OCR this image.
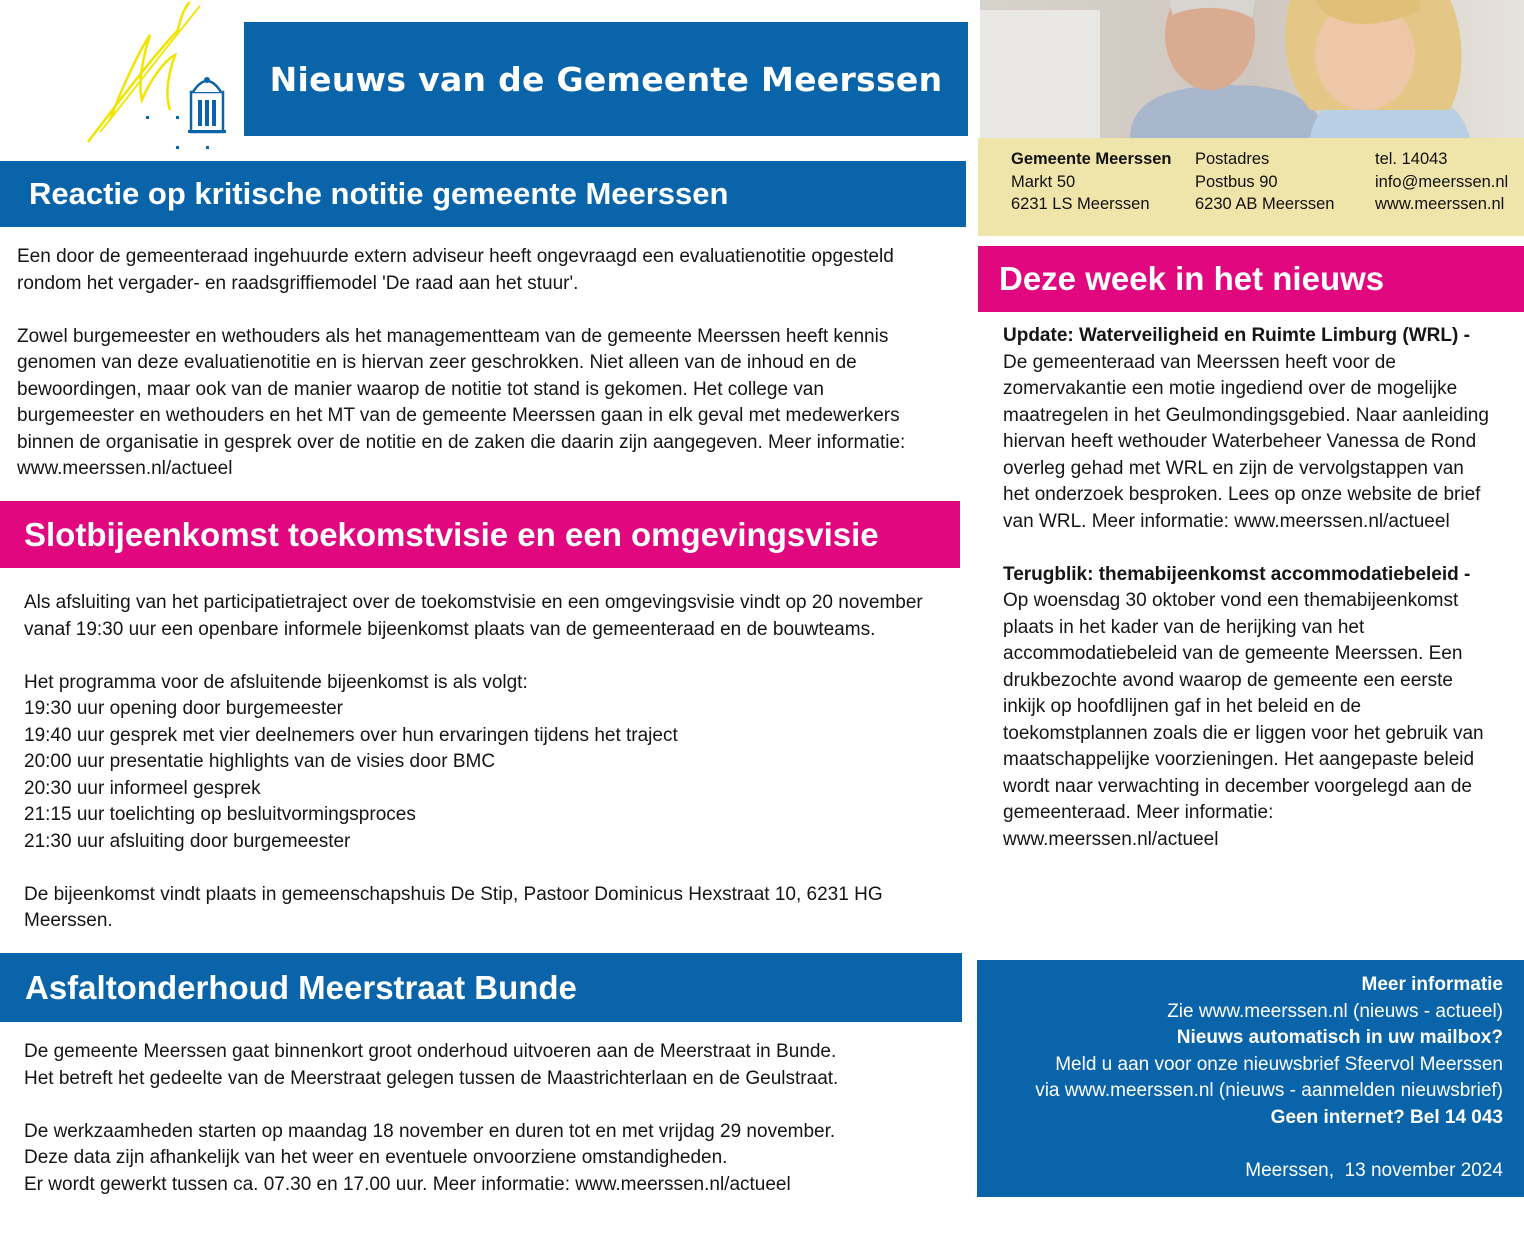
Nieuws van de Gemeente Meerssen
Gemeente Meerssen
Markt 50
6231 LS Meerssen
Postadres
Postbus 90
6230 AB Meerssen
tel. 14043
info@meerssen.nl
www.meerssen.nl
Reactie op kritische notitie gemeente Meerssen

Een door de gemeenteraad ingehuurde extern adviseur heeft ongevraagd een evaluatienotitie opgesteld

rondom het vergader- en raadsgriffiemodel 'De raad aan het stuur'.

Zowel burgemeester en wethouders als het managementteam van de gemeente Meerssen heeft kennis

genomen van deze evaluatienotitie en is hiervan zeer geschrokken. Niet alleen van de inhoud en de

bewoordingen, maar ook van de manier waarop de notitie tot stand is gekomen. Het college van

burgemeester en wethouders en het MT van de gemeente Meerssen gaan in elk geval met medewerkers

binnen de organisatie in gesprek over de notitie en de zaken die daarin zijn aangegeven. Meer informatie:

www.meerssen.nl/actueel

Slotbijeenkomst toekomstvisie en een omgevingsvisie

Als afsluiting van het participatietraject over de toekomstvisie en een omgevingsvisie vindt op 20 november

vanaf 19:30 uur een openbare informele bijeenkomst plaats van de gemeenteraad en de bouwteams.

Het programma voor de afsluitende bijeenkomst is als volgt:

19:30 uur opening door burgemeester

19:40 uur gesprek met vier deelnemers over hun ervaringen tijdens het traject

20:00 uur presentatie highlights van de visies door BMC

20:30 uur informeel gesprek

21:15 uur toelichting op besluitvormingsproces

21:30 uur afsluiting door burgemeester

De bijeenkomst vindt plaats in gemeenschapshuis De Stip, Pastoor Dominicus Hexstraat 10, 6231 HG

Meerssen.

Asfaltonderhoud Meerstraat Bunde

De gemeente Meerssen gaat binnenkort groot onderhoud uitvoeren aan de Meerstraat in Bunde.

Het betreft het gedeelte van de Meerstraat gelegen tussen de Maastrichterlaan en de Geulstraat.

De werkzaamheden starten op maandag 18 november en duren tot en met vrijdag 29 november.

Deze data zijn afhankelijk van het weer en eventuele onvoorziene omstandigheden.

Er wordt gewerkt tussen ca. 07.30 en 17.00 uur. Meer informatie: www.meerssen.nl/actueel

Deze week in het nieuws

Update: Waterveiligheid en Ruimte Limburg (WRL) -

De gemeenteraad van Meerssen heeft voor de

zomervakantie een motie ingediend over de mogelijke

maatregelen in het Geulmondingsgebied. Naar aanleiding

hiervan heeft wethouder Waterbeheer Vanessa de Rond

overleg gehad met WRL en zijn de vervolgstappen van

het onderzoek besproken. Lees op onze website de brief

van WRL. Meer informatie: www.meerssen.nl/actueel

Terugblik: themabijeenkomst accommodatiebeleid -

Op woensdag 30 oktober vond een themabijeenkomst

plaats in het kader van de herijking van het

accommodatiebeleid van de gemeente Meerssen. Een

drukbezochte avond waarop de gemeente een eerste

inkijk op hoofdlijnen gaf in het beleid en de

toekomstplannen zoals die er liggen voor het gebruik van

maatschappelijke voorzieningen. Het aangepaste beleid

wordt naar verwachting in december voorgelegd aan de

gemeenteraad. Meer informatie:

www.meerssen.nl/actueel

Meer informatie
Zie www.meerssen.nl (nieuws - actueel)
Nieuws automatisch in uw mailbox?
Meld u aan voor onze nieuwsbrief Sfeervol Meerssen
via www.meerssen.nl (nieuws - aanmelden nieuwsbrief)
Geen internet? Bel 14 043
Meerssen,  13 november 2024
